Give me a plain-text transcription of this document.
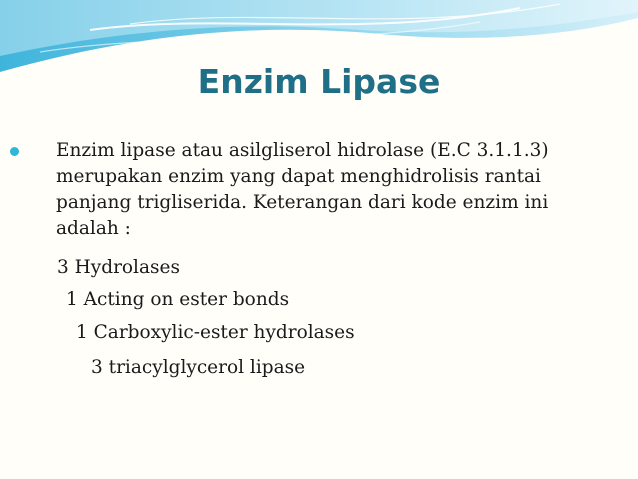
Enzim Lipase
Enzim lipase atau asilgliserol hidrolase (E.C 3.1.1.3)
merupakan enzim yang dapat menghidrolisis rantai
panjang trigliserida. Keterangan dari kode enzim ini
adalah :
3 Hydrolases
1 Acting on ester bonds
1 Carboxylic-ester hydrolases
3 triacylglycerol lipase
